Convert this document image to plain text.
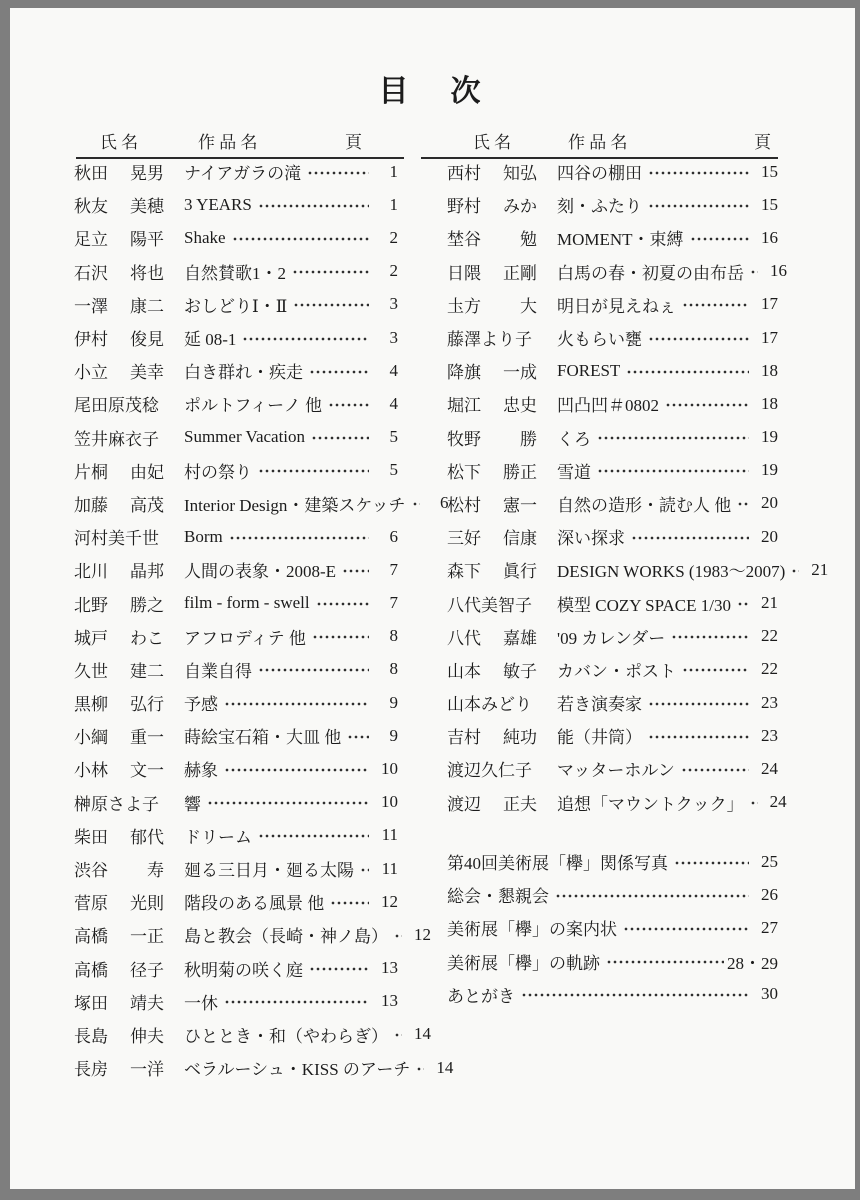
目　次
氏 名	作 品 名	頁	氏 名	作 品 名	頁
秋田 晃男 ナイアガラの滝	1
秋友 美穂 3 YEARS	1
足立 陽平 Shake	2
石沢 将也 自然賛歌1・2	2
一澤 康二 おしどりⅠ・Ⅱ	3
伊村 俊見 延 08-1	3
小立 美幸 白き群れ・疾走	4
尾田原茂稔 ポルトフィーノ 他	4
笠井麻衣子 Summer Vacation	5
片桐 由妃 村の祭り	5
加藤 高茂 Interior Design・建築スケッチ	6
河村美千世 Borm	6
北川 晶邦 人間の表象・2008-E	7
北野 勝之 film - form - swell	7
城戸 わこ アフロディテ 他	8
久世 建二 自業自得	8
黒柳 弘行 予感	9
小綱 重一 蒔絵宝石箱・大皿 他	9
小林 文一 赫象	10
榊原さよ子 響	10
柴田 郁代 ドリーム	11
渋谷 寿 廻る三日月・廻る太陽	11
菅原 光則 階段のある風景 他	12
高橋 一正 島と教会（長崎・神ノ島）	12
高橋 径子 秋明菊の咲く庭	13
塚田 靖夫 一休	13
長島 伸夫 ひととき・和（やわらぎ）	14
長房 一洋 ベラルーシュ・KISS のアーチ	14
西村 知弘 四谷の棚田	15
野村 みか 刻・ふたり	15
埜谷 勉 MOMENT・束縛	16
日隈 正剛 白馬の春・初夏の由布岳	16
圡方 大 明日が見えねぇ	17
藤澤より子 火もらい甕	17
降旗 一成 FOREST	18
堀江 忠史 凹凸凹＃0802	18
牧野 勝 くろ	19
松下 勝正 雪道	19
松村 憲一 自然の造形・読む人 他	20
三好 信康 深い探求	20
森下 眞行 DESIGN WORKS (1983～2007)	21
八代美智子 模型 COZY SPACE 1/30	21
八代 嘉雄 '09 カレンダー	22
山本 敏子 カバン・ポスト	22
山本みどり 若き演奏家	23
吉村 純功 能（井筒）	23
渡辺久仁子 マッターホルン	24
渡辺 正夫 追想「マウントクック」	24
第40回美術展「欅」関係写真	25
総会・懇親会	26
美術展「欅」の案内状	27
美術展「欅」の軌跡	28・29
あとがき	30
